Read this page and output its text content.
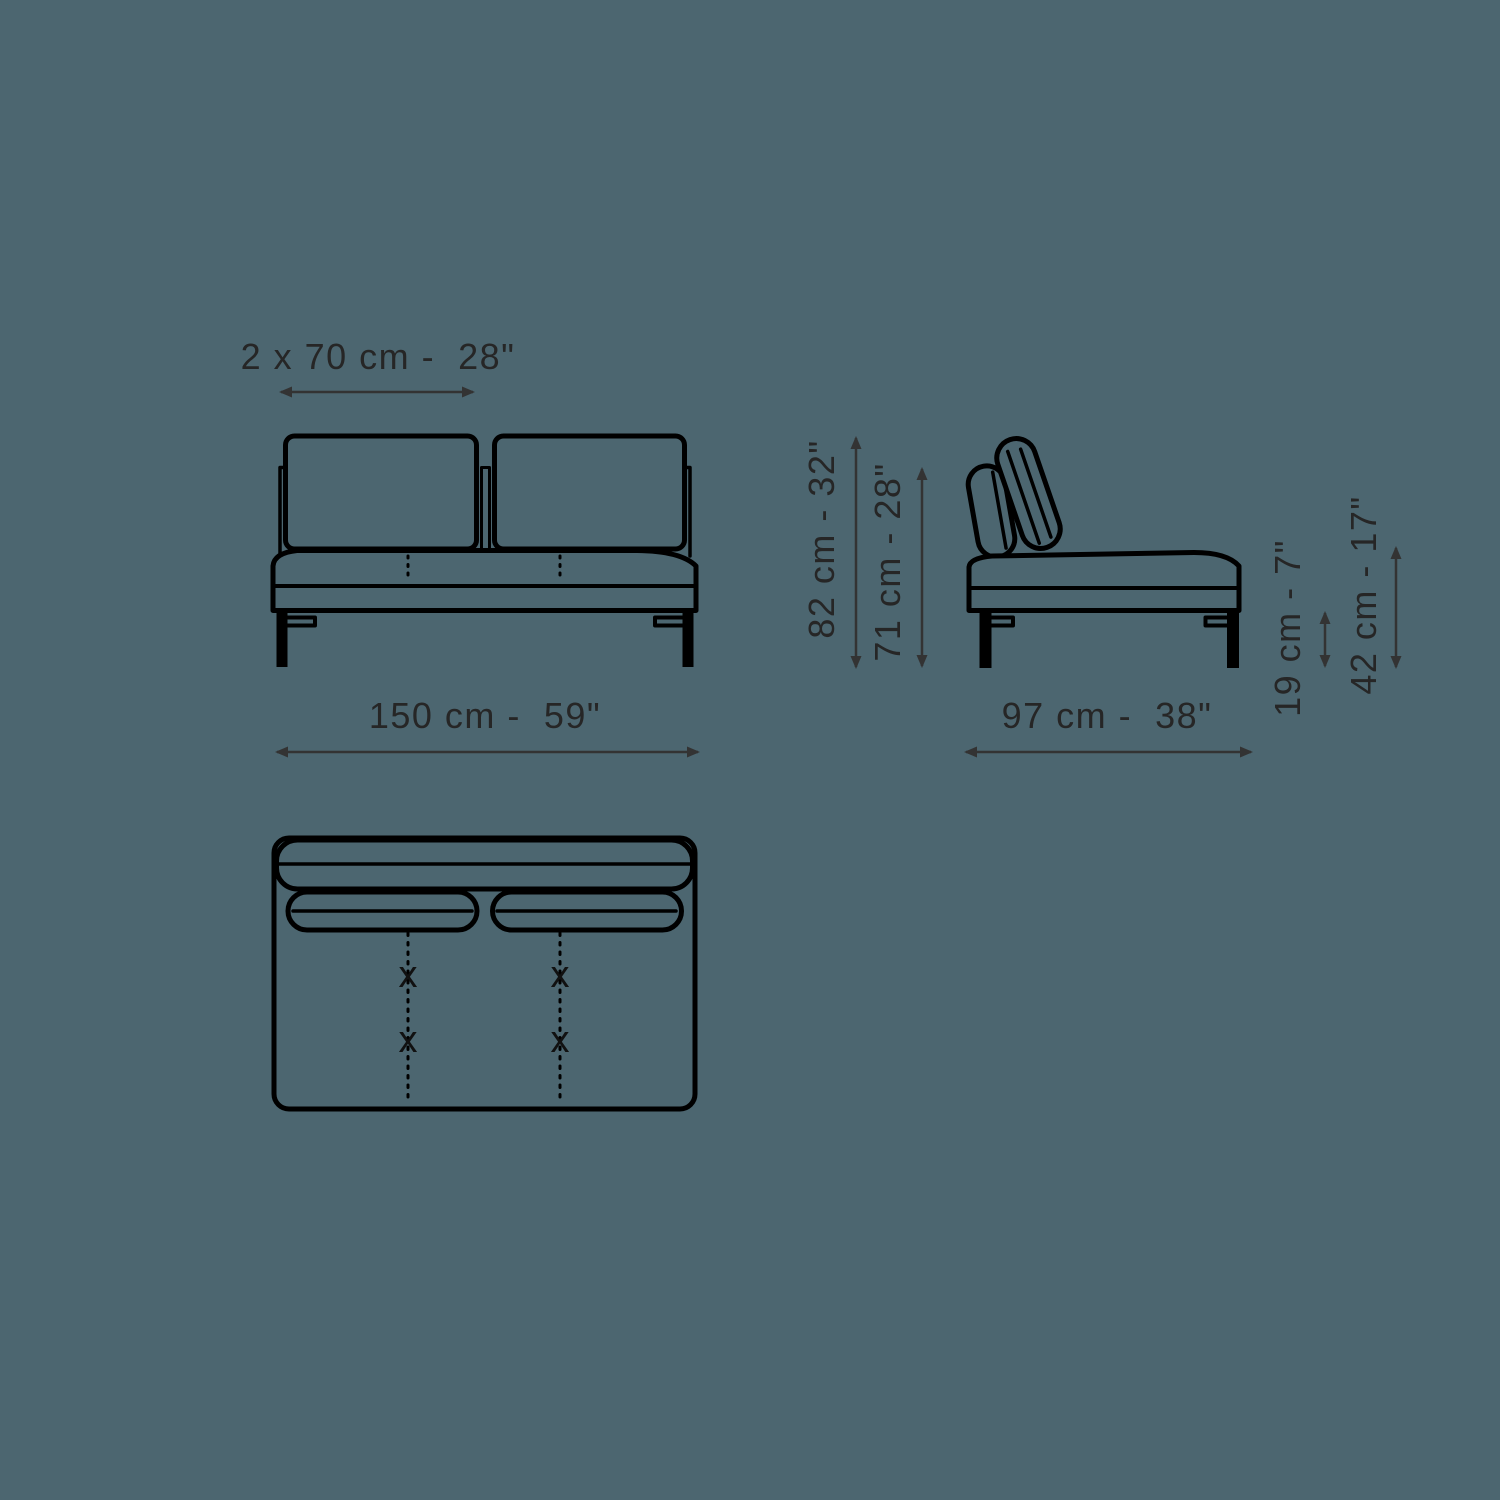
x
x
x
x
2 x 70 cm -  28"
150 cm -  59"	97 cm -  38"
82 cm - 32" 71 cm - 28"	19 cm - 7" 42 cm - 17"
